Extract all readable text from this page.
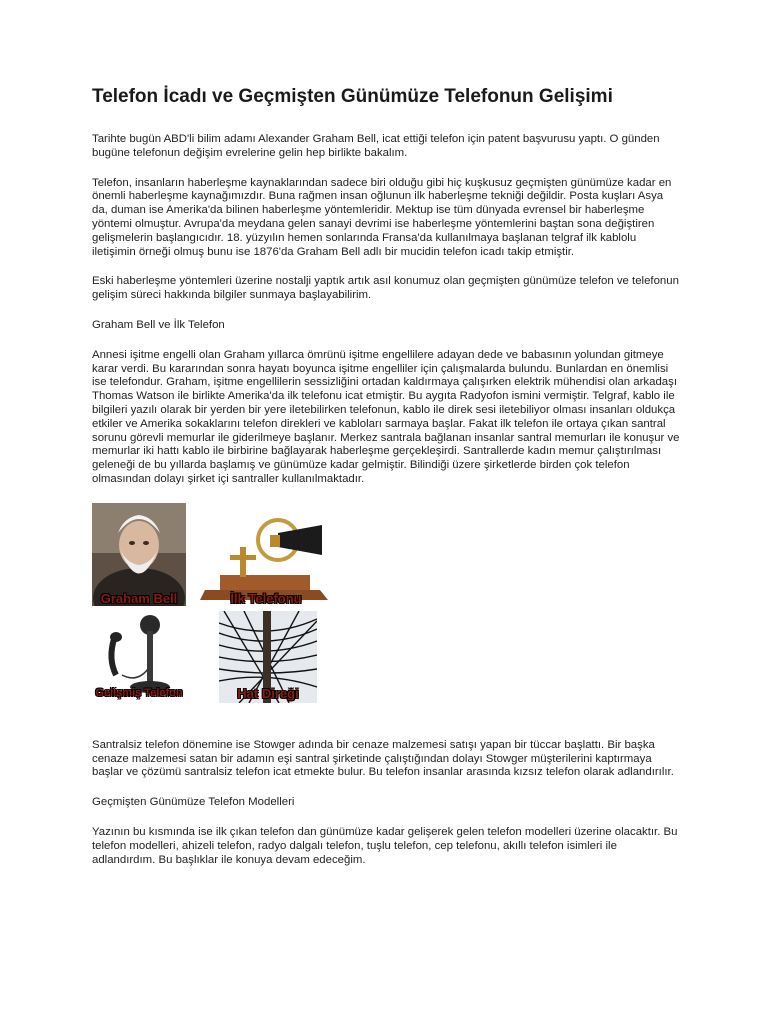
Telefon İcadı ve Geçmişten Günümüze Telefonun Gelişimi

Tarihte bugün ABD'li bilim adamı Alexander Graham Bell, icat ettiği telefon için patent başvurusu yaptı. O günden bugüne telefonun değişim evrelerine gelin hep birlikte bakalım.

Telefon, insanların haberleşme kaynaklarından sadece biri olduğu gibi hiç kuşkusuz geçmişten günümüze kadar en önemli haberleşme kaynağımızdır. Buna rağmen insan oğlunun ilk haberleşme tekniği değildir. Posta kuşları Asya da, duman ise Amerika'da bilinen haberleşme yöntemleridir. Mektup ise tüm dünyada evrensel bir haberleşme yöntemi olmuştur. Avrupa'da meydana gelen sanayi devrimi ise haberleşme yöntemlerini baştan sona değiştiren gelişmelerin başlangıcıdır. 18. yüzyılın hemen sonlarında Fransa'da kullanılmaya başlanan telgraf ilk kablolu iletişimin örneği olmuş bunu ise 1876'da Graham Bell adlı bir mucidin telefon icadı takip etmiştir.

Eski haberleşme yöntemleri üzerine nostalji yaptık artık asıl konumuz olan geçmişten günümüze telefon ve telefonun gelişim süreci hakkında bilgiler sunmaya başlayabilirim.

Graham Bell ve İlk Telefon

Annesi işitme engelli olan Graham yıllarca ömrünü işitme engellilere adayan dede ve babasının yolundan gitmeye karar verdi. Bu kararından sonra hayatı boyunca işitme engelliler için çalışmalarda bulundu. Bunlardan en önemlisi ise telefondur. Graham, işitme engellilerin sessizliğini ortadan kaldırmaya çalışırken elektrik mühendisi olan arkadaşı Thomas Watson ile birlikte Amerika'da ilk telefonu icat etmiştir. Bu aygıta Radyofon ismini vermiştir. Telgraf, kablo ile bilgileri yazılı olarak bir yerden bir yere iletebilirken telefonun, kablo ile direk sesi iletebiliyor olması insanları oldukça etkiler ve Amerika sokaklarını telefon direkleri ve kabloları sarmaya başlar. Fakat ilk telefon ile ortaya çıkan santral sorunu görevli memurlar ile giderilmeye başlanır. Merkez santrala bağlanan insanlar santral memurları ile konuşur ve memurlar iki hattı kablo ile birbirine bağlayarak haberleşme gerçekleşirdi. Santrallerde kadın memur çalıştırılması geleneği de bu yıllarda başlamış ve günümüze kadar gelmiştir. Bilindiği üzere şirketlerde birden çok telefon olmasından dolayı şirket içi santraller kullanılmaktadır.

Graham Bell	İlk Telefonu
Gelişmiş Telefon	Hat Direği

Santralsiz telefon dönemine ise Stowger adında bir cenaze malzemesi satışı yapan bir tüccar başlattı. Bir başka cenaze malzemesi satan bir adamın eşi santral şirketinde çalıştığından dolayı Stowger müşterilerini kaptırmaya başlar ve çözümü santralsiz telefon icat etmekte bulur. Bu telefon insanlar arasında kızsız telefon olarak adlandırılır.

Geçmişten Günümüze Telefon Modelleri

Yazının bu kısmında ise ilk çıkan telefon dan günümüze kadar gelişerek gelen telefon modelleri üzerine olacaktır. Bu telefon modelleri, ahizeli telefon, radyo dalgalı telefon, tuşlu telefon, cep telefonu, akıllı telefon isimleri ile adlandırdım. Bu başlıklar ile konuya devam edeceğim.
